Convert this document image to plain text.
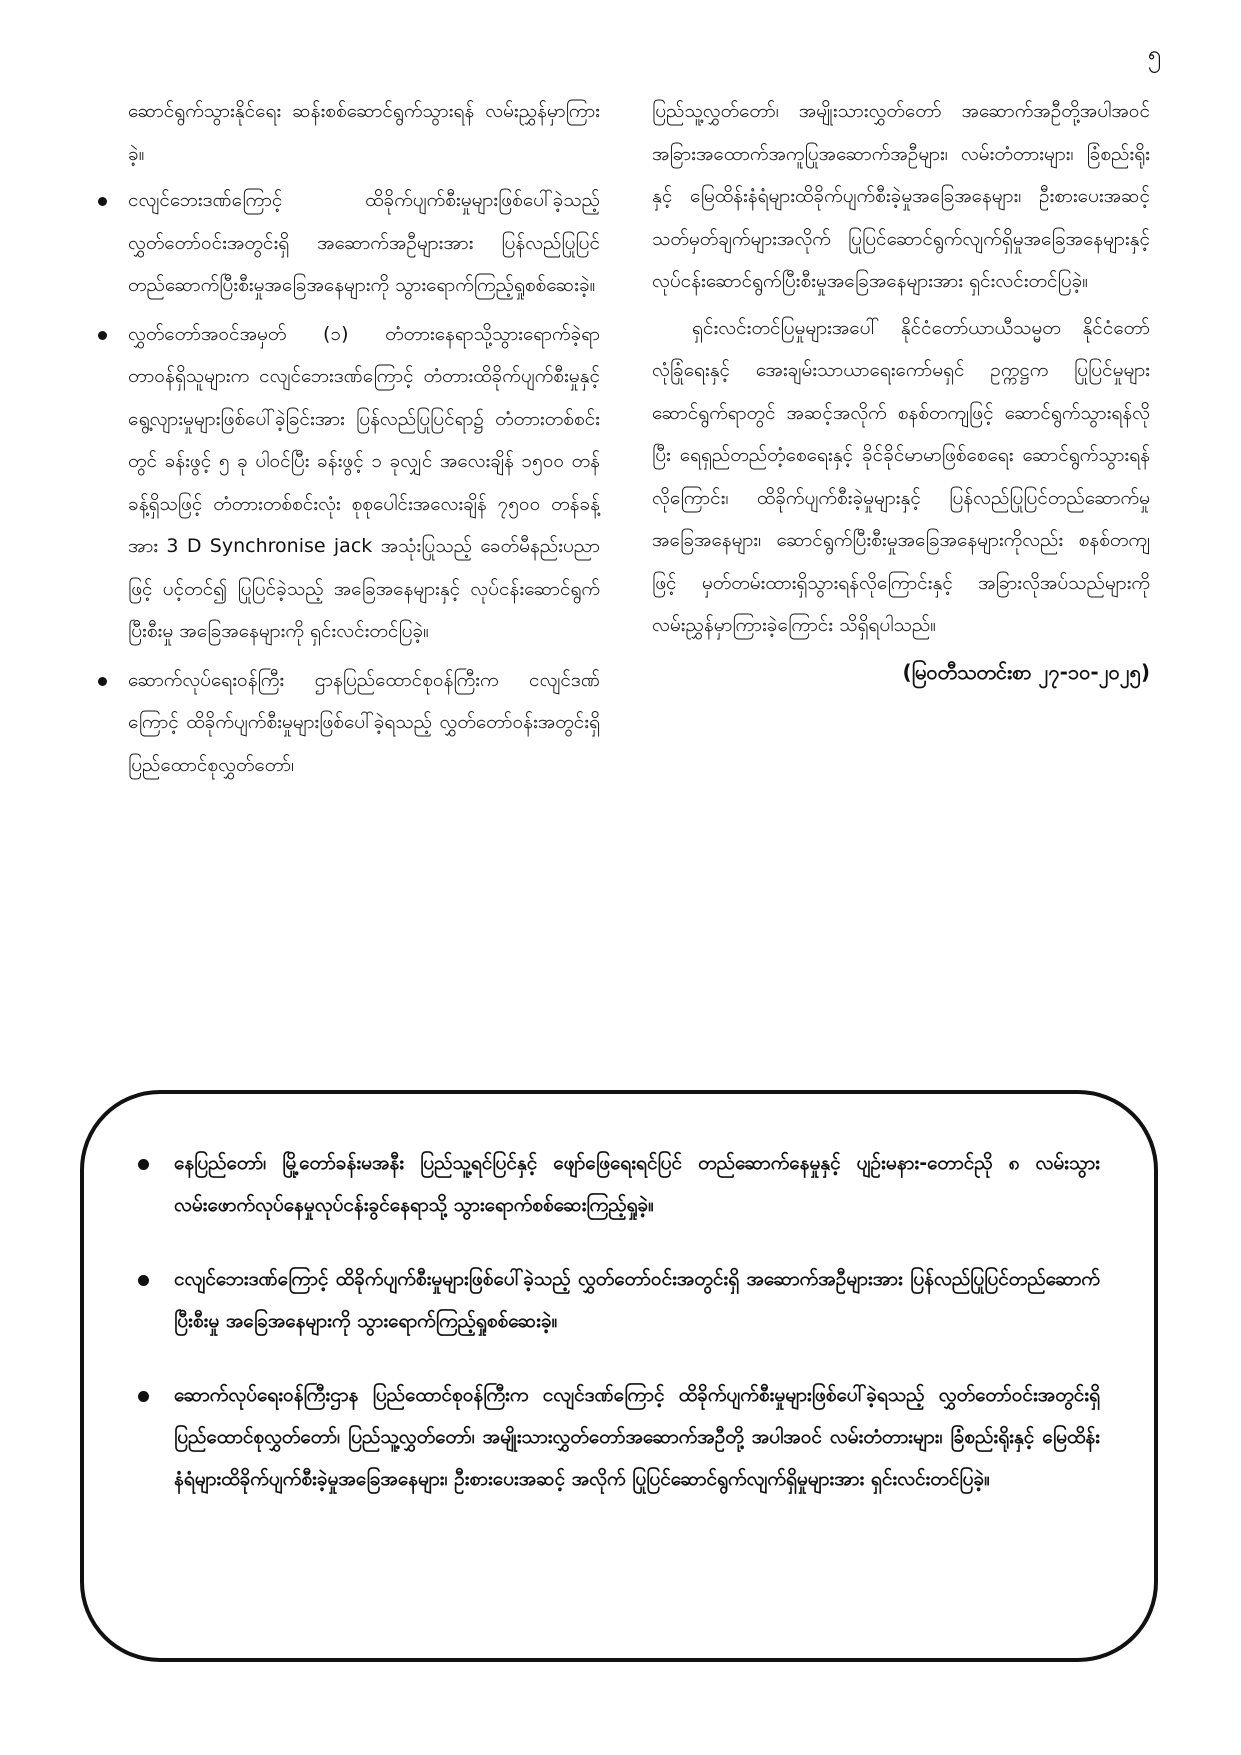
၅

ဆောင်ရွက်သွားနိုင်ရေး ဆန်းစစ်ဆောင်ရွက်သွားရန် လမ်းညွှန်မှာကြားခဲ့။

ငလျင်ဘေးဒဏ်ကြောင့် ထိခိုက်ပျက်စီးမှုများဖြစ်ပေါ်ခဲ့သည့် လွှတ်တော်ဝင်းအတွင်းရှိ အဆောက်အဦများအား ပြန်လည်ပြုပြင်တည်ဆောက်ပြီးစီးမှုအခြေအနေများကို သွားရောက်ကြည့်ရှုစစ်ဆေးခဲ့။
လွှတ်တော်အဝင်အမှတ် (၁) တံတားနေရာသို့သွားရောက်ခဲ့ရာ တာဝန်ရှိသူများက ငလျင်ဘေးဒဏ်ကြောင့် တံတားထိခိုက်ပျက်စီးမှုနှင့် ရွေ့လျားမှုများဖြစ်ပေါ်ခဲ့ခြင်းအား ပြန်လည်ပြုပြင်ရာ၌ တံတားတစ်စင်းတွင် ခန်းဖွင့် ၅ ခု ပါဝင်ပြီး ခန်းဖွင့် ၁ ခုလျှင် အလေးချိန် ၁၅၀၀ တန် ခန့်ရှိသဖြင့် တံတားတစ်စင်းလုံး စုစုပေါင်းအလေးချိန် ၇၅၀၀ တန်ခန့်အား 3 D Synchronise jack အသုံးပြုသည့် ခေတ်မီနည်းပညာဖြင့် ပင့်တင်၍ ပြုပြင်ခဲ့သည့် အခြေအနေများနှင့် လုပ်ငန်းဆောင်ရွက်ပြီးစီးမှု အခြေအနေများကို ရှင်းလင်းတင်ပြခဲ့။
ဆောက်လုပ်ရေးဝန်ကြီး ဌာနပြည်ထောင်စုဝန်ကြီးက ငလျင်ဒဏ်ကြောင့် ထိခိုက်ပျက်စီးမှုများဖြစ်ပေါ်ခဲ့ရသည့် လွှတ်တော်ဝန်းအတွင်းရှိ ပြည်ထောင်စုလွှတ်တော်၊

ပြည်သူ့လွှတ်တော်၊ အမျိုးသားလွှတ်တော် အဆောက်အဦတို့အပါအဝင် အခြားအထောက်အကူပြုအဆောက်အဦများ၊ လမ်းတံတားများ၊ ခြံစည်းရိုးနှင့် မြေထိန်းနံရံများထိခိုက်ပျက်စီးခဲ့မှုအခြေအနေများ၊ ဦးစားပေးအဆင့်သတ်မှတ်ချက်များအလိုက် ပြုပြင်ဆောင်ရွက်လျက်ရှိမှုအခြေအနေများနှင့် လုပ်ငန်းဆောင်ရွက်ပြီးစီးမှုအခြေအနေများအား ရှင်းလင်းတင်ပြခဲ့။

ရှင်းလင်းတင်ပြမှုများအပေါ် နိုင်ငံတော်ယာယီသမ္မတ နိုင်ငံတော်လုံခြုံရေးနှင့် အေးချမ်းသာယာရေးကော်မရှင် ဥက္ကဋ္ဌက ပြုပြင်မှုများ ဆောင်ရွက်ရာတွင် အဆင့်အလိုက် စနစ်တကျဖြင့် ဆောင်ရွက်သွားရန်လိုပြီး ရေရှည်တည်တံ့စေရေးနှင့် ခိုင်ခိုင်မာမာဖြစ်စေရေး ဆောင်ရွက်သွားရန် လိုကြောင်း၊ ထိခိုက်ပျက်စီးခဲ့မှုများနှင့် ပြန်လည်ပြုပြင်တည်ဆောက်မှုအခြေအနေများ၊ ဆောင်ရွက်ပြီးစီးမှုအခြေအနေများကိုလည်း စနစ်တကျဖြင့် မှတ်တမ်းထားရှိသွားရန်လိုကြောင်းနှင့် အခြားလိုအပ်သည်များကို လမ်းညွှန်မှာကြားခဲ့ကြောင်း သိရှိရပါသည်။

(မြဝတီသတင်းစာ ၂၇-၁၀-၂၀၂၅)

နေပြည်တော်၊ မြို့တော်ခန်းမအနီး ပြည်သူ့ရင်ပြင်နှင့် ဖျော်ဖြေရေးရင်ပြင် တည်ဆောက်နေမှုနှင့် ပျဉ်းမနား-တောင်ညို ၈ လမ်းသွားလမ်းဖောက်လုပ်နေမှုလုပ်ငန်းခွင်နေရာသို့ သွားရောက်စစ်ဆေးကြည့်ရှုခဲ့။
ငလျင်ဘေးဒဏ်ကြောင့် ထိခိုက်ပျက်စီးမှုများဖြစ်ပေါ်ခဲ့သည့် လွှတ်တော်ဝင်းအတွင်းရှိ အဆောက်အဦများအား ပြန်လည်ပြုပြင်တည်ဆောက်ပြီးစီးမှု အခြေအနေများကို သွားရောက်ကြည့်ရှုစစ်ဆေးခဲ့။
ဆောက်လုပ်ရေးဝန်ကြီးဌာန ပြည်ထောင်စုဝန်ကြီးက ငလျင်ဒဏ်ကြောင့် ထိခိုက်ပျက်စီးမှုများဖြစ်ပေါ်ခဲ့ရသည့် လွှတ်တော်ဝင်းအတွင်းရှိ ပြည်ထောင်စုလွှတ်တော်၊ ပြည်သူ့လွှတ်တော်၊ အမျိုးသားလွှတ်တော်အဆောက်အဦတို့ အပါအဝင် လမ်းတံတားများ၊ ခြံစည်းရိုးနှင့် မြေထိန်းနံရံများထိခိုက်ပျက်စီးခဲ့မှုအခြေအနေများ၊ ဦးစားပေးအဆင့် အလိုက် ပြုပြင်ဆောင်ရွက်လျက်ရှိမှုများအား ရှင်းလင်းတင်ပြခဲ့။
